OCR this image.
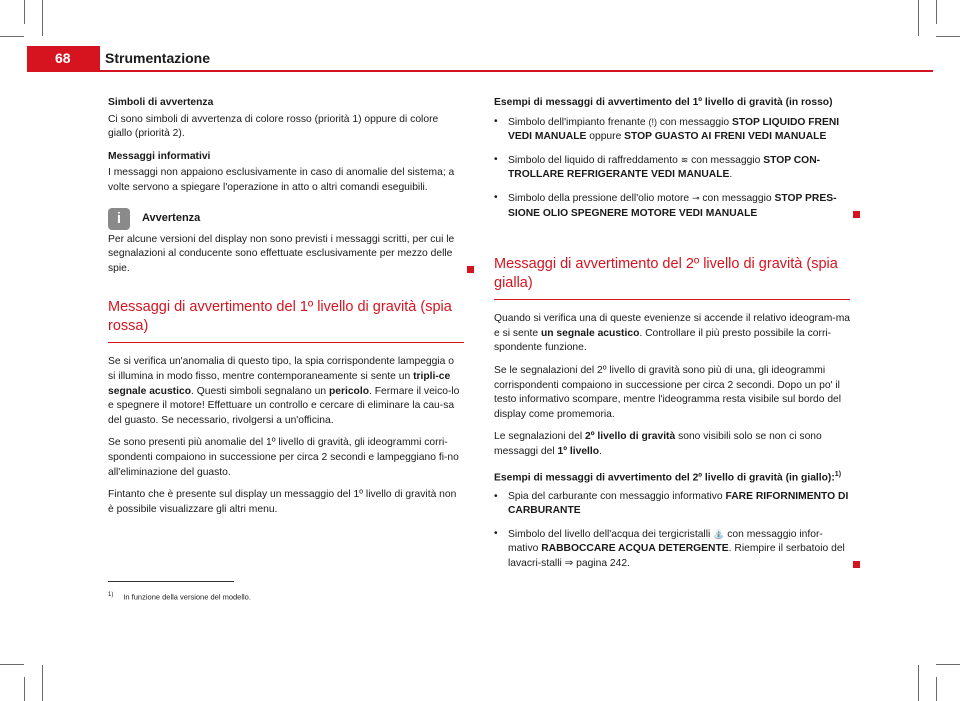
68	Strumentazione

Simboli di avvertenza

Ci sono simboli di avvertenza di colore rosso (priorità 1) oppure di colore giallo (priorità 2).

Messaggi informativi

I messaggi non appaiono esclusivamente in caso di anomalie del sistema; a volte servono a spiegare l'operazione in atto o altri comandi eseguibili.

i	Avvertenza

Per alcune versioni del display non sono previsti i messaggi scritti, per cui le segnalazioni al conducente sono effettuate esclusivamente per mezzo delle spie.

Messaggi di avvertimento del 1º livello di gravità (spia rossa)

Se si verifica un'anomalia di questo tipo, la spia corrispondente lampeggia o si illumina in modo fisso, mentre contemporaneamente si sente un tripli-ce segnale acustico. Questi simboli segnalano un pericolo. Fermare il veico-lo e spegnere il motore! Effettuare un controllo e cercare di eliminare la cau-sa del guasto. Se necessario, rivolgersi a un'officina.

Se sono presenti più anomalie del 1º livello di gravità, gli ideogrammi corri-spondenti compaiono in successione per circa 2 secondi e lampeggiano fi-no all'eliminazione del guasto.

Fintanto che è presente sul display un messaggio del 1º livello di gravità non è possibile visualizzare gli altri menu.

Esempi di messaggi di avvertimento del 1º livello di gravità (in rosso)

•	Simbolo dell'impianto frenante (!) con messaggio STOP LIQUIDO FRENI VEDI MANUALE oppure STOP GUASTO AI FRENI VEDI MANUALE
•	Simbolo del liquido di raffreddamento ≋ con messaggio STOP CON-TROLLARE REFRIGERANTE VEDI MANUALE.
•	Simbolo della pressione dell'olio motore ⊸ con messaggio STOP PRES-SIONE OLIO SPEGNERE MOTORE VEDI MANUALE
Messaggi di avvertimento del 2º livello di gravità (spia gialla)

Quando si verifica una di queste evenienze si accende il relativo ideogram-ma e si sente un segnale acustico. Controllare il più presto possibile la corri-spondente funzione.

Se le segnalazioni del 2º livello di gravità sono più di una, gli ideogrammi corrispondenti compaiono in successione per circa 2 secondi. Dopo un po' il testo informativo scompare, mentre l'ideogramma resta visibile sul bordo del display come promemoria.

Le segnalazioni del 2º livello di gravità sono visibili solo se non ci sono messaggi del 1º livello.

Esempi di messaggi di avvertimento del 2º livello di gravità (in giallo):$^{1)}$

•	Spia del carburante con messaggio informativo FARE RIFORNIMENTO DI CARBURANTE
•	Simbolo del livello dell'acqua dei tergicristalli ⛲ con messaggio infor-mativo RABBOCCARE ACQUA DETERGENTE. Riempire il serbatoio del lavacri-stalli ⇒ pagina 242.
$^{1)}$ In funzione della versione del modello.
